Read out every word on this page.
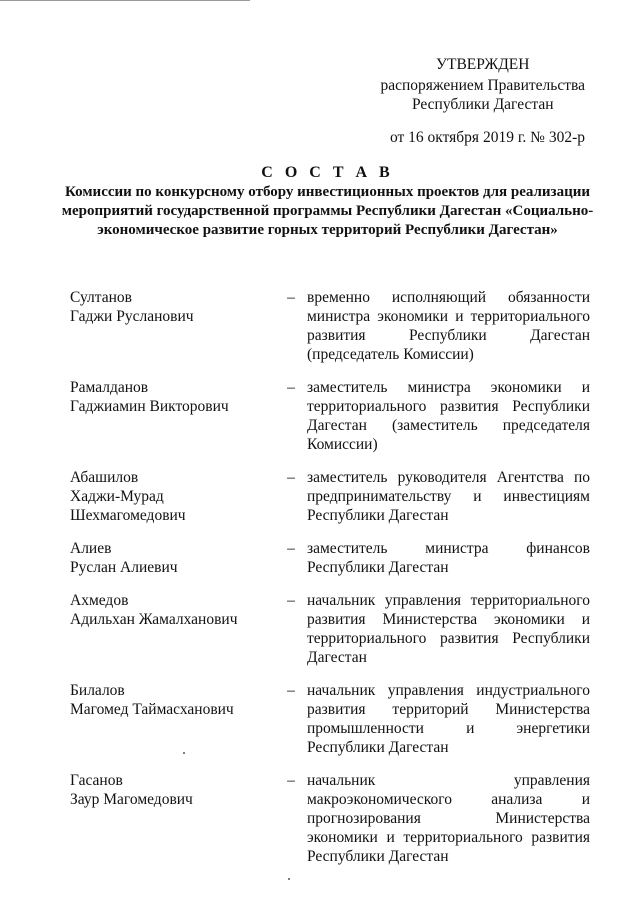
УТВЕРЖДЕН
распоряжением Правительства
Республики Дагестан
от 16 октября 2019 г. № 302-р
С О С Т А В
Комиссии по конкурсному отбору инвестиционных проектов для реализации мероприятий государственной программы Республики Дагестан «Социально-экономическое развитие горных территорий Республики Дагестан»
Султанов
Гаджи Русланович
– временно исполняющий обязанности министра экономики и территориального развития Республики Дагестан (председатель Комиссии)
Рамалданов
Гаджиамин Викторович
– заместитель министра экономики и территориального развития Республики Дагестан (заместитель председателя Комиссии)
Абашилов
Хаджи-Мурад Шехмагомедович
– заместитель руководителя Агентства по предпринимательству и инвестициям Республики Дагестан
Алиев
Руслан Алиевич
– заместитель министра финансов Республики Дагестан
Ахмедов
Адильхан Жамалханович
– начальник управления территориального развития Министерства экономики и территориального развития Республики Дагестан
Билалов
Магомед Таймасханович
– начальник управления индустриального развития территорий Министерства промышленности и энергетики Республики Дагестан
Гасанов
Заур Магомедович
– начальник управления макроэкономического анализа и прогнозирования Министерства экономики и территориального развития Республики Дагестан
